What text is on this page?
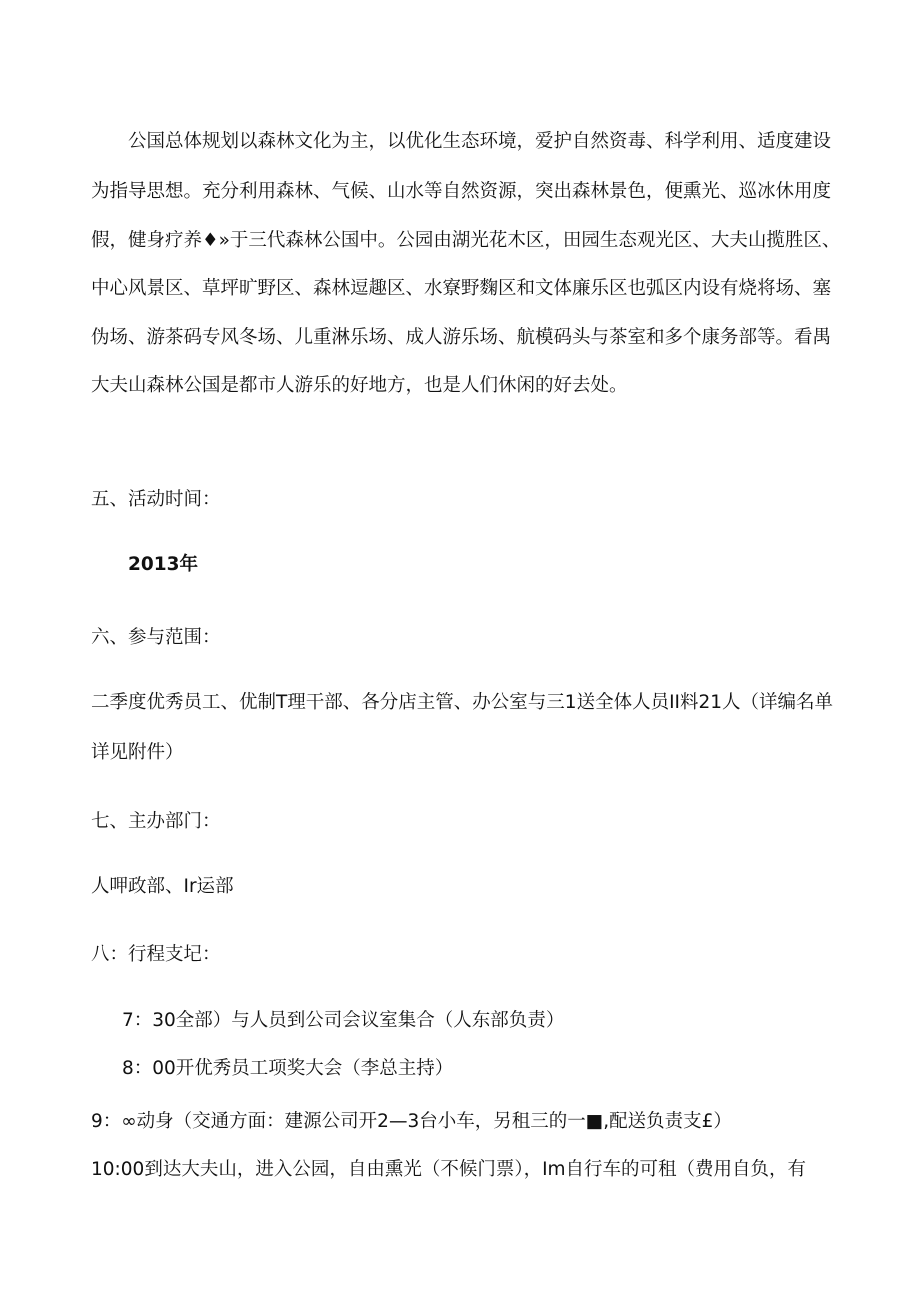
公国总体规划以森林文化为主，以优化生态环境，爱护自然资毒、科学利用、适度建设
为指导思想。充分利用森林、气候、山水等自然资源，突出森林景色，便熏光、巡冰休用度
假，健身疗养♦»于三代森林公国中。公园由湖光花木区，田园生态观光区、大夫山揽胜区、
中心风景区、草坪旷野区、森林逗趣区、水寮野麴区和文体廉乐区也弧区内设有烧将场、塞
伪场、游茶码专风冬场、儿重淋乐场、成人游乐场、航模码头与茶室和多个康务部等。看禺
大夫山森林公国是都市人游乐的好地方，也是人们休闲的好去处。
五、活动时间：
2013年
六、参与范围：
二季度优秀员工、优制T理干部、各分店主管、办公室与三1送全体人员II料21人（详编名单
详见附件）
七、主办部门：
人呷政部、Ir运部
八：行程支圮：
7：30全部）与人员到公司会议室集合（人东部负责）
8：00开优秀员工项奖大会（李总主持）
9：∞动身（交通方面：建源公司开2—3台小车，另租三的一■,配送负责支£）
10:00到达大夫山，进入公园，自由熏光（不候门票），Im自行车的可租（费用自负，有
